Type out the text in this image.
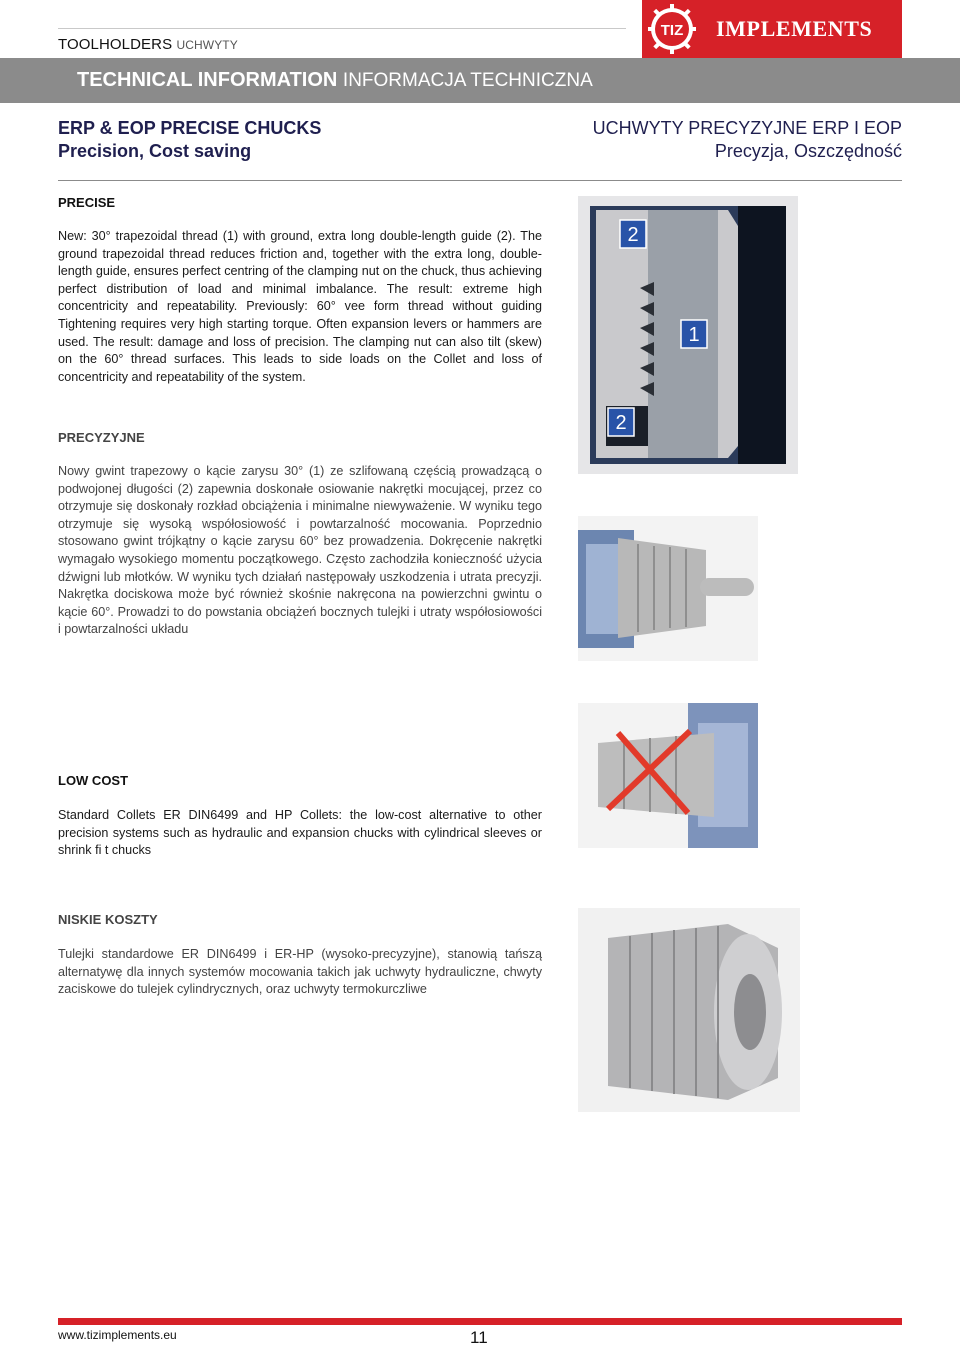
TOOLHOLDERS UCHWYTY
TIZ IMPLEMENTS
TECHNICAL INFORMATION INFORMACJA TECHNICZNA
ERP & EOP PRECISE CHUCKS
Precision, Cost saving
UCHWYTY PRECYZYJNE ERP I EOP
Precyzja, Oszczędność
PRECISE
New: 30° trapezoidal thread (1) with ground, extra long double-length guide (2). The ground trapezoidal thread reduces friction and, together with the extra long, double-length guide, ensures perfect centring of the clamping nut on the chuck, thus achieving perfect distribution of load and minimal imbalance. The result: extreme high concentricity and repeatability. Previously: 60° vee form thread without guiding Tightening requires very high starting torque. Often expansion levers or hammers are used. The result: damage and loss of precision. The clamping nut can also tilt (skew) on the 60° thread surfaces. This leads to side loads on the Collet and loss of concentricity and repeatability of the system.
PRECYZYJNE
Nowy gwint trapezowy o kącie zarysu 30° (1) ze szlifowaną częścią prowadzącą o podwojonej długości (2) zapewnia doskonałe osiowanie nakrętki mocującej, przez co otrzymuje się doskonały rozkład obciążenia i minimalne niewyważenie. W wyniku tego otrzymuje się wysoką współosiowość i powtarzalność mocowania. Poprzednio stosowano gwint trójkątny o kącie zarysu 60° bez prowadzenia. Dokręcenie nakrętki wymagało wysokiego momentu początkowego. Często zachodziła konieczność użycia dźwigni lub młotków. W wyniku tych działań następowały uszkodzenia i utrata precyzji. Nakrętka dociskowa może być również skośnie nakręcona na powierzchni gwintu o kącie 60°. Prowadzi to do powstania obciążeń bocznych tulejki i utraty współosiowości i powtarzalności układu
LOW COST
Standard Collets ER DIN6499 and HP Collets: the low-cost alternative to other precision systems such as hydraulic and expansion chucks with cylindrical sleeves or shrink fi t chucks
NISKIE KOSZTY
Tulejki standardowe ER DIN6499 i ER-HP (wysoko-precyzyjne), stanowią tańszą alternatywę dla innych systemów mocowania takich jak uchwyty hydrauliczne, chwyty zaciskowe do tulejek cylindrycznych, oraz uchwyty termokurczliwe
2
1
2
www.tizimplements.eu	11
